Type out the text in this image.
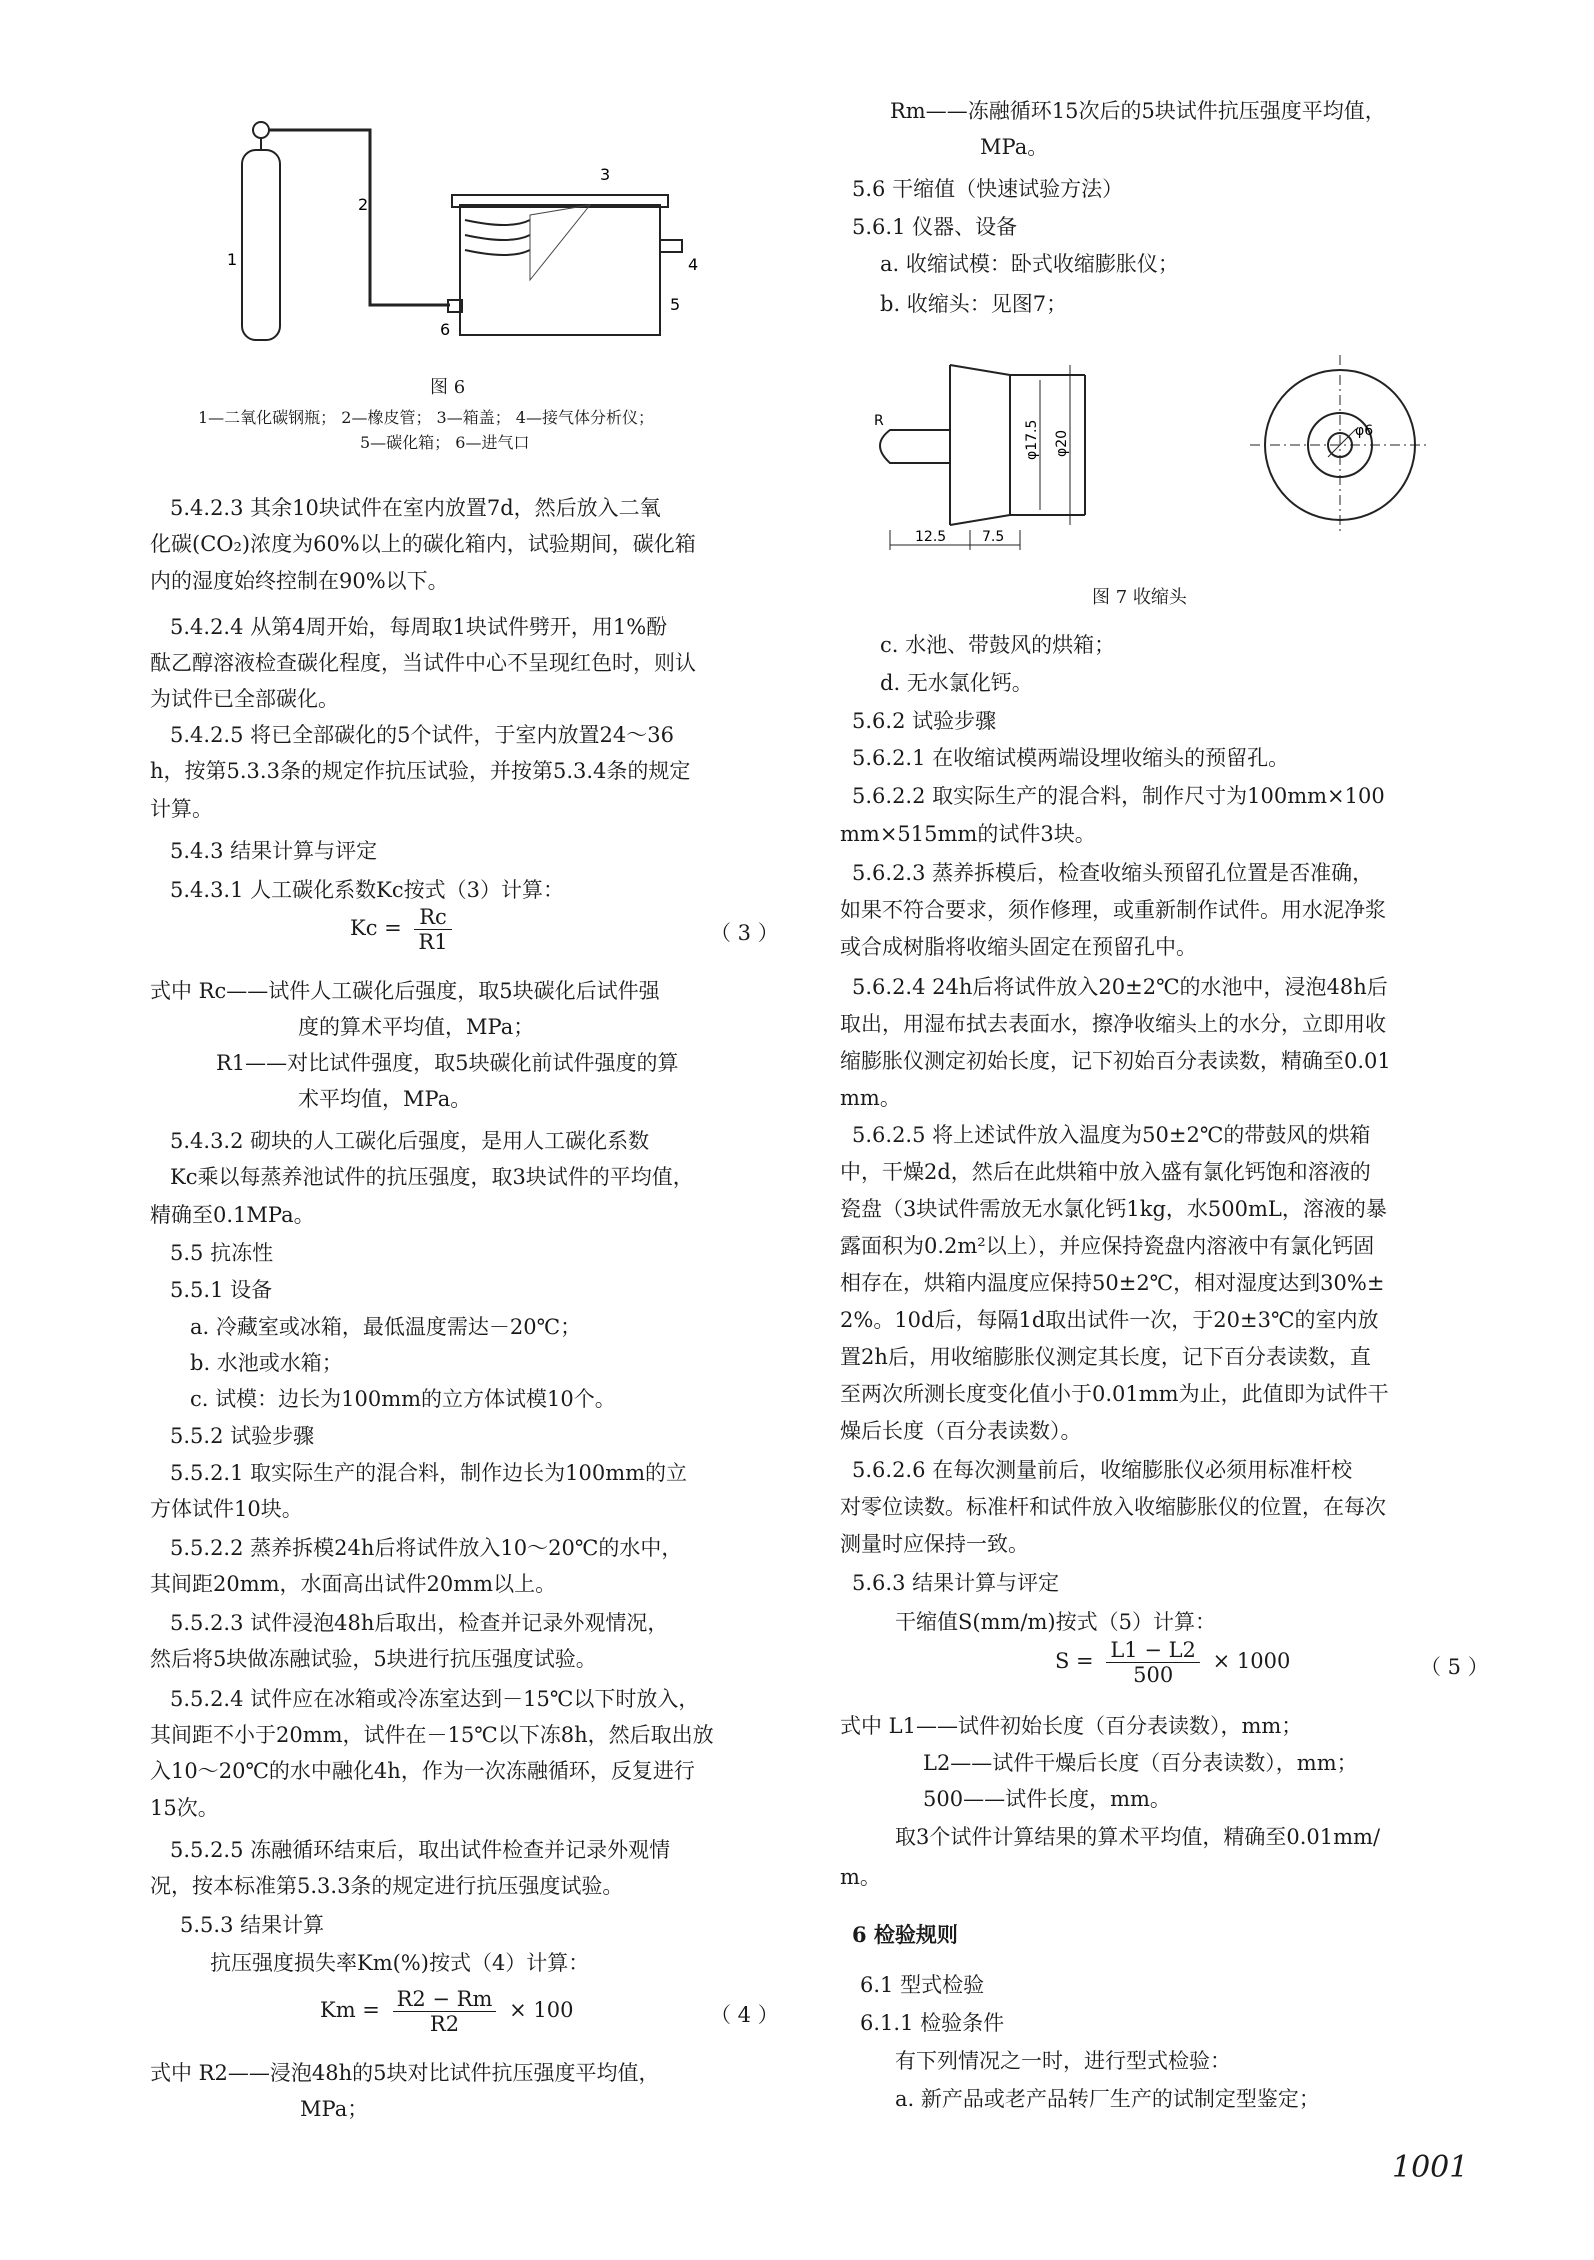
1
2
3
4
5
6
图 6
1—二氧化碳钢瓶； 2—橡皮管； 3—箱盖； 4—接气体分析仪；
5—碳化箱； 6—进气口
5.4.2.3 其余10块试件在室内放置7d，然后放入二氧
化碳(CO₂)浓度为60%以上的碳化箱内，试验期间，碳化箱
内的湿度始终控制在90%以下。
5.4.2.4 从第4周开始，每周取1块试件劈开，用1%酚
酞乙醇溶液检查碳化程度，当试件中心不呈现红色时，则认
为试件已全部碳化。
5.4.2.5 将已全部碳化的5个试件，于室内放置24～36
h，按第5.3.3条的规定作抗压试验，并按第5.3.4条的规定
计算。
5.4.3 结果计算与评定
5.4.3.1 人工碳化系数Kc按式（3）计算：
$Kc = \frac{Rc}{R1}$	（ 3 ）
式中 Rc——试件人工碳化后强度，取5块碳化后试件强
度的算术平均值，MPa；
R1——对比试件强度，取5块碳化前试件强度的算
术平均值，MPa。
5.4.3.2 砌块的人工碳化后强度，是用人工碳化系数
Kc乘以每蒸养池试件的抗压强度，取3块试件的平均值，
精确至0.1MPa。
5.5 抗冻性
5.5.1 设备
a. 冷藏室或冰箱，最低温度需达－20℃；
b. 水池或水箱；
c. 试模：边长为100mm的立方体试模10个。
5.5.2 试验步骤
5.5.2.1 取实际生产的混合料，制作边长为100mm的立
方体试件10块。
5.5.2.2 蒸养拆模24h后将试件放入10～20℃的水中，
其间距20mm，水面高出试件20mm以上。
5.5.2.3 试件浸泡48h后取出，检查并记录外观情况，
然后将5块做冻融试验，5块进行抗压强度试验。
5.5.2.4 试件应在冰箱或冷冻室达到－15℃以下时放入，
其间距不小于20mm，试件在－15℃以下冻8h，然后取出放
入10～20℃的水中融化4h，作为一次冻融循环，反复进行
15次。
5.5.2.5 冻融循环结束后，取出试件检查并记录外观情
况，按本标准第5.3.3条的规定进行抗压强度试验。
5.5.3 结果计算
抗压强度损失率Km(%)按式（4）计算：
$Km = \frac{R2 - Rm}{R2} \times 100$	（ 4 ）
式中 R2——浸泡48h的5块对比试件抗压强度平均值，
MPa；
Rm——冻融循环15次后的5块试件抗压强度平均值，
MPa。
5.6 干缩值（快速试验方法）
5.6.1 仪器、设备
a. 收缩试模：卧式收缩膨胀仪；
b. 收缩头：见图7；
φ17.5 φ20
R
12.5	7.5
φ6
图 7 收缩头
c. 水池、带鼓风的烘箱；
d. 无水氯化钙。
5.6.2 试验步骤
5.6.2.1 在收缩试模两端设埋收缩头的预留孔。
5.6.2.2 取实际生产的混合料，制作尺寸为100mm×100
mm×515mm的试件3块。
5.6.2.3 蒸养拆模后，检查收缩头预留孔位置是否准确，
如果不符合要求，须作修理，或重新制作试件。用水泥净浆
或合成树脂将收缩头固定在预留孔中。
5.6.2.4 24h后将试件放入20±2℃的水池中，浸泡48h后
取出，用湿布拭去表面水，擦净收缩头上的水分，立即用收
缩膨胀仪测定初始长度，记下初始百分表读数，精确至0.01
mm。
5.6.2.5 将上述试件放入温度为50±2℃的带鼓风的烘箱
中，干燥2d，然后在此烘箱中放入盛有氯化钙饱和溶液的
瓷盘（3块试件需放无水氯化钙1kg，水500mL，溶液的暴
露面积为0.2m²以上），并应保持瓷盘内溶液中有氯化钙固
相存在，烘箱内温度应保持50±2℃，相对湿度达到30%±
2%。10d后，每隔1d取出试件一次，于20±3℃的室内放
置2h后，用收缩膨胀仪测定其长度，记下百分表读数，直
至两次所测长度变化值小于0.01mm为止，此值即为试件干
燥后长度（百分表读数）。
5.6.2.6 在每次测量前后，收缩膨胀仪必须用标准杆校
对零位读数。标准杆和试件放入收缩膨胀仪的位置，在每次
测量时应保持一致。
5.6.3 结果计算与评定
干缩值S(mm/m)按式（5）计算：
$S = \frac{L1 - L2}{500} \times 1000$	（ 5 ）
式中 L1——试件初始长度（百分表读数），mm；
L2——试件干燥后长度（百分表读数），mm；
500——试件长度，mm。
取3个试件计算结果的算术平均值，精确至0.01mm/
m。
6 检验规则
6.1 型式检验
6.1.1 检验条件
有下列情况之一时，进行型式检验：
a. 新产品或老产品转厂生产的试制定型鉴定；
1001
